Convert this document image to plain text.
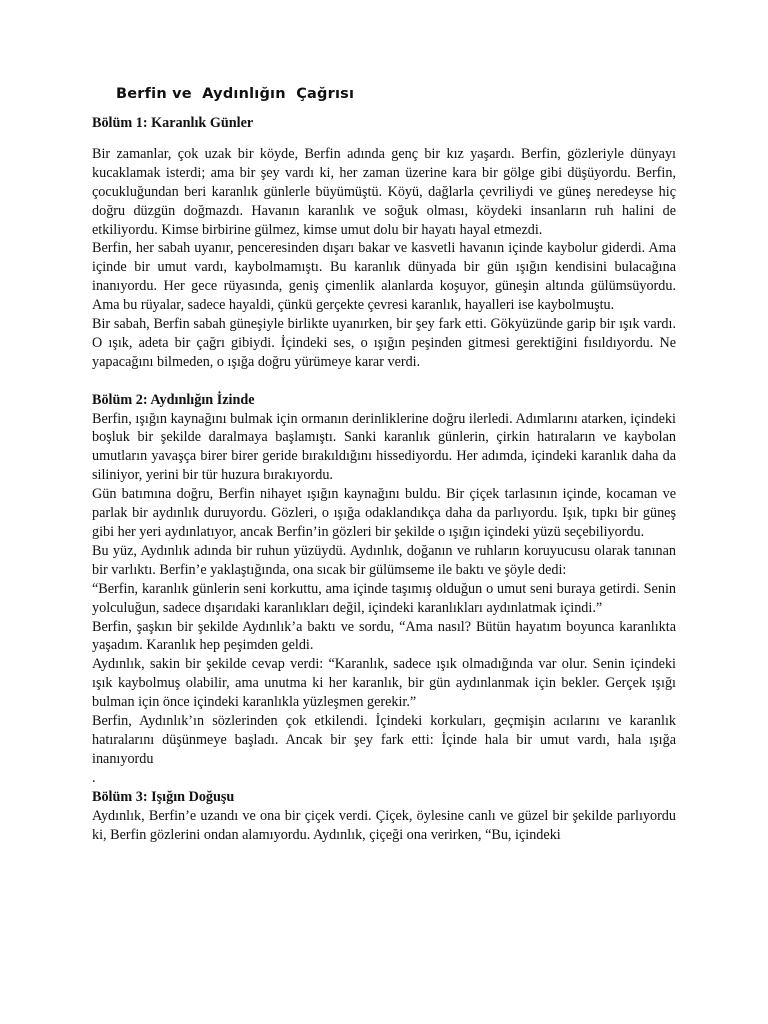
Berfin ve  Aydınlığın  Çağrısı

Bölüm 1: Karanlık Günler

Bir zamanlar, çok uzak bir köyde, Berfin adında genç bir kız yaşardı. Berfin, gözleriyle dünyayı kucaklamak isterdi; ama bir şey vardı ki, her zaman üzerine kara bir gölge gibi düşüyordu. Berfin, çocukluğundan beri karanlık günlerle büyümüştü. Köyü, dağlarla çevriliydi ve güneş neredeyse hiç doğru düzgün doğmazdı. Havanın karanlık ve soğuk olması, köydeki insanların ruh halini de etkiliyordu. Kimse birbirine gülmez, kimse umut dolu bir hayatı hayal etmezdi.

Berfin, her sabah uyanır, penceresinden dışarı bakar ve kasvetli havanın içinde kaybolur giderdi. Ama içinde bir umut vardı, kaybolmamıştı. Bu karanlık dünyada bir gün ışığın kendisini bulacağına inanıyordu. Her gece rüyasında, geniş çimenlik alanlarda koşuyor, güneşin altında gülümsüyordu. Ama bu rüyalar, sadece hayaldi, çünkü gerçekte çevresi karanlık, hayalleri ise kaybolmuştu.

Bir sabah, Berfin sabah güneşiyle birlikte uyanırken, bir şey fark etti. Gökyüzünde garip bir ışık vardı. O ışık, adeta bir çağrı gibiydi. İçindeki ses, o ışığın peşinden gitmesi gerektiğini fısıldıyordu. Ne yapacağını bilmeden, o ışığa doğru yürümeye karar verdi.

Bölüm 2: Aydınlığın İzinde

Berfin, ışığın kaynağını bulmak için ormanın derinliklerine doğru ilerledi. Adımlarını atarken, içindeki boşluk bir şekilde daralmaya başlamıştı. Sanki karanlık günlerin, çirkin hatıraların ve kaybolan umutların yavaşça birer birer geride bırakıldığını hissediyordu. Her adımda, içindeki karanlık daha da siliniyor, yerini bir tür huzura bırakıyordu.

Gün batımına doğru, Berfin nihayet ışığın kaynağını buldu. Bir çiçek tarlasının içinde, kocaman ve parlak bir aydınlık duruyordu. Gözleri, o ışığa odaklandıkça daha da parlıyordu. Işık, tıpkı bir güneş gibi her yeri aydınlatıyor, ancak Berfin’in gözleri bir şekilde o ışığın içindeki yüzü seçebiliyordu.

Bu yüz, Aydınlık adında bir ruhun yüzüydü. Aydınlık, doğanın ve ruhların koruyucusu olarak tanınan bir varlıktı. Berfin’e yaklaştığında, ona sıcak bir gülümseme ile baktı ve şöyle dedi:

“Berfin, karanlık günlerin seni korkuttu, ama içinde taşımış olduğun o umut seni buraya getirdi. Senin yolculuğun, sadece dışarıdaki karanlıkları değil, içindeki karanlıkları aydınlatmak içindi.”

Berfin, şaşkın bir şekilde Aydınlık’a baktı ve sordu, “Ama nasıl? Bütün hayatım boyunca karanlıkta yaşadım. Karanlık hep peşimden geldi.

Aydınlık, sakin bir şekilde cevap verdi: “Karanlık, sadece ışık olmadığında var olur. Senin içindeki ışık kaybolmuş olabilir, ama unutma ki her karanlık, bir gün aydınlanmak için bekler. Gerçek ışığı bulman için önce içindeki karanlıkla yüzleşmen gerekir.”

Berfin, Aydınlık’ın sözlerinden çok etkilendi. İçindeki korkuları, geçmişin acılarını ve karanlık hatıralarını düşünmeye başladı. Ancak bir şey fark etti: İçinde hala bir umut vardı, hala ışığa inanıyordu

.

Bölüm 3: Işığın Doğuşu

Aydınlık, Berfin’e uzandı ve ona bir çiçek verdi. Çiçek, öylesine canlı ve güzel bir şekilde parlıyordu ki, Berfin gözlerini ondan alamıyordu. Aydınlık, çiçeği ona verirken, “Bu, içindeki
